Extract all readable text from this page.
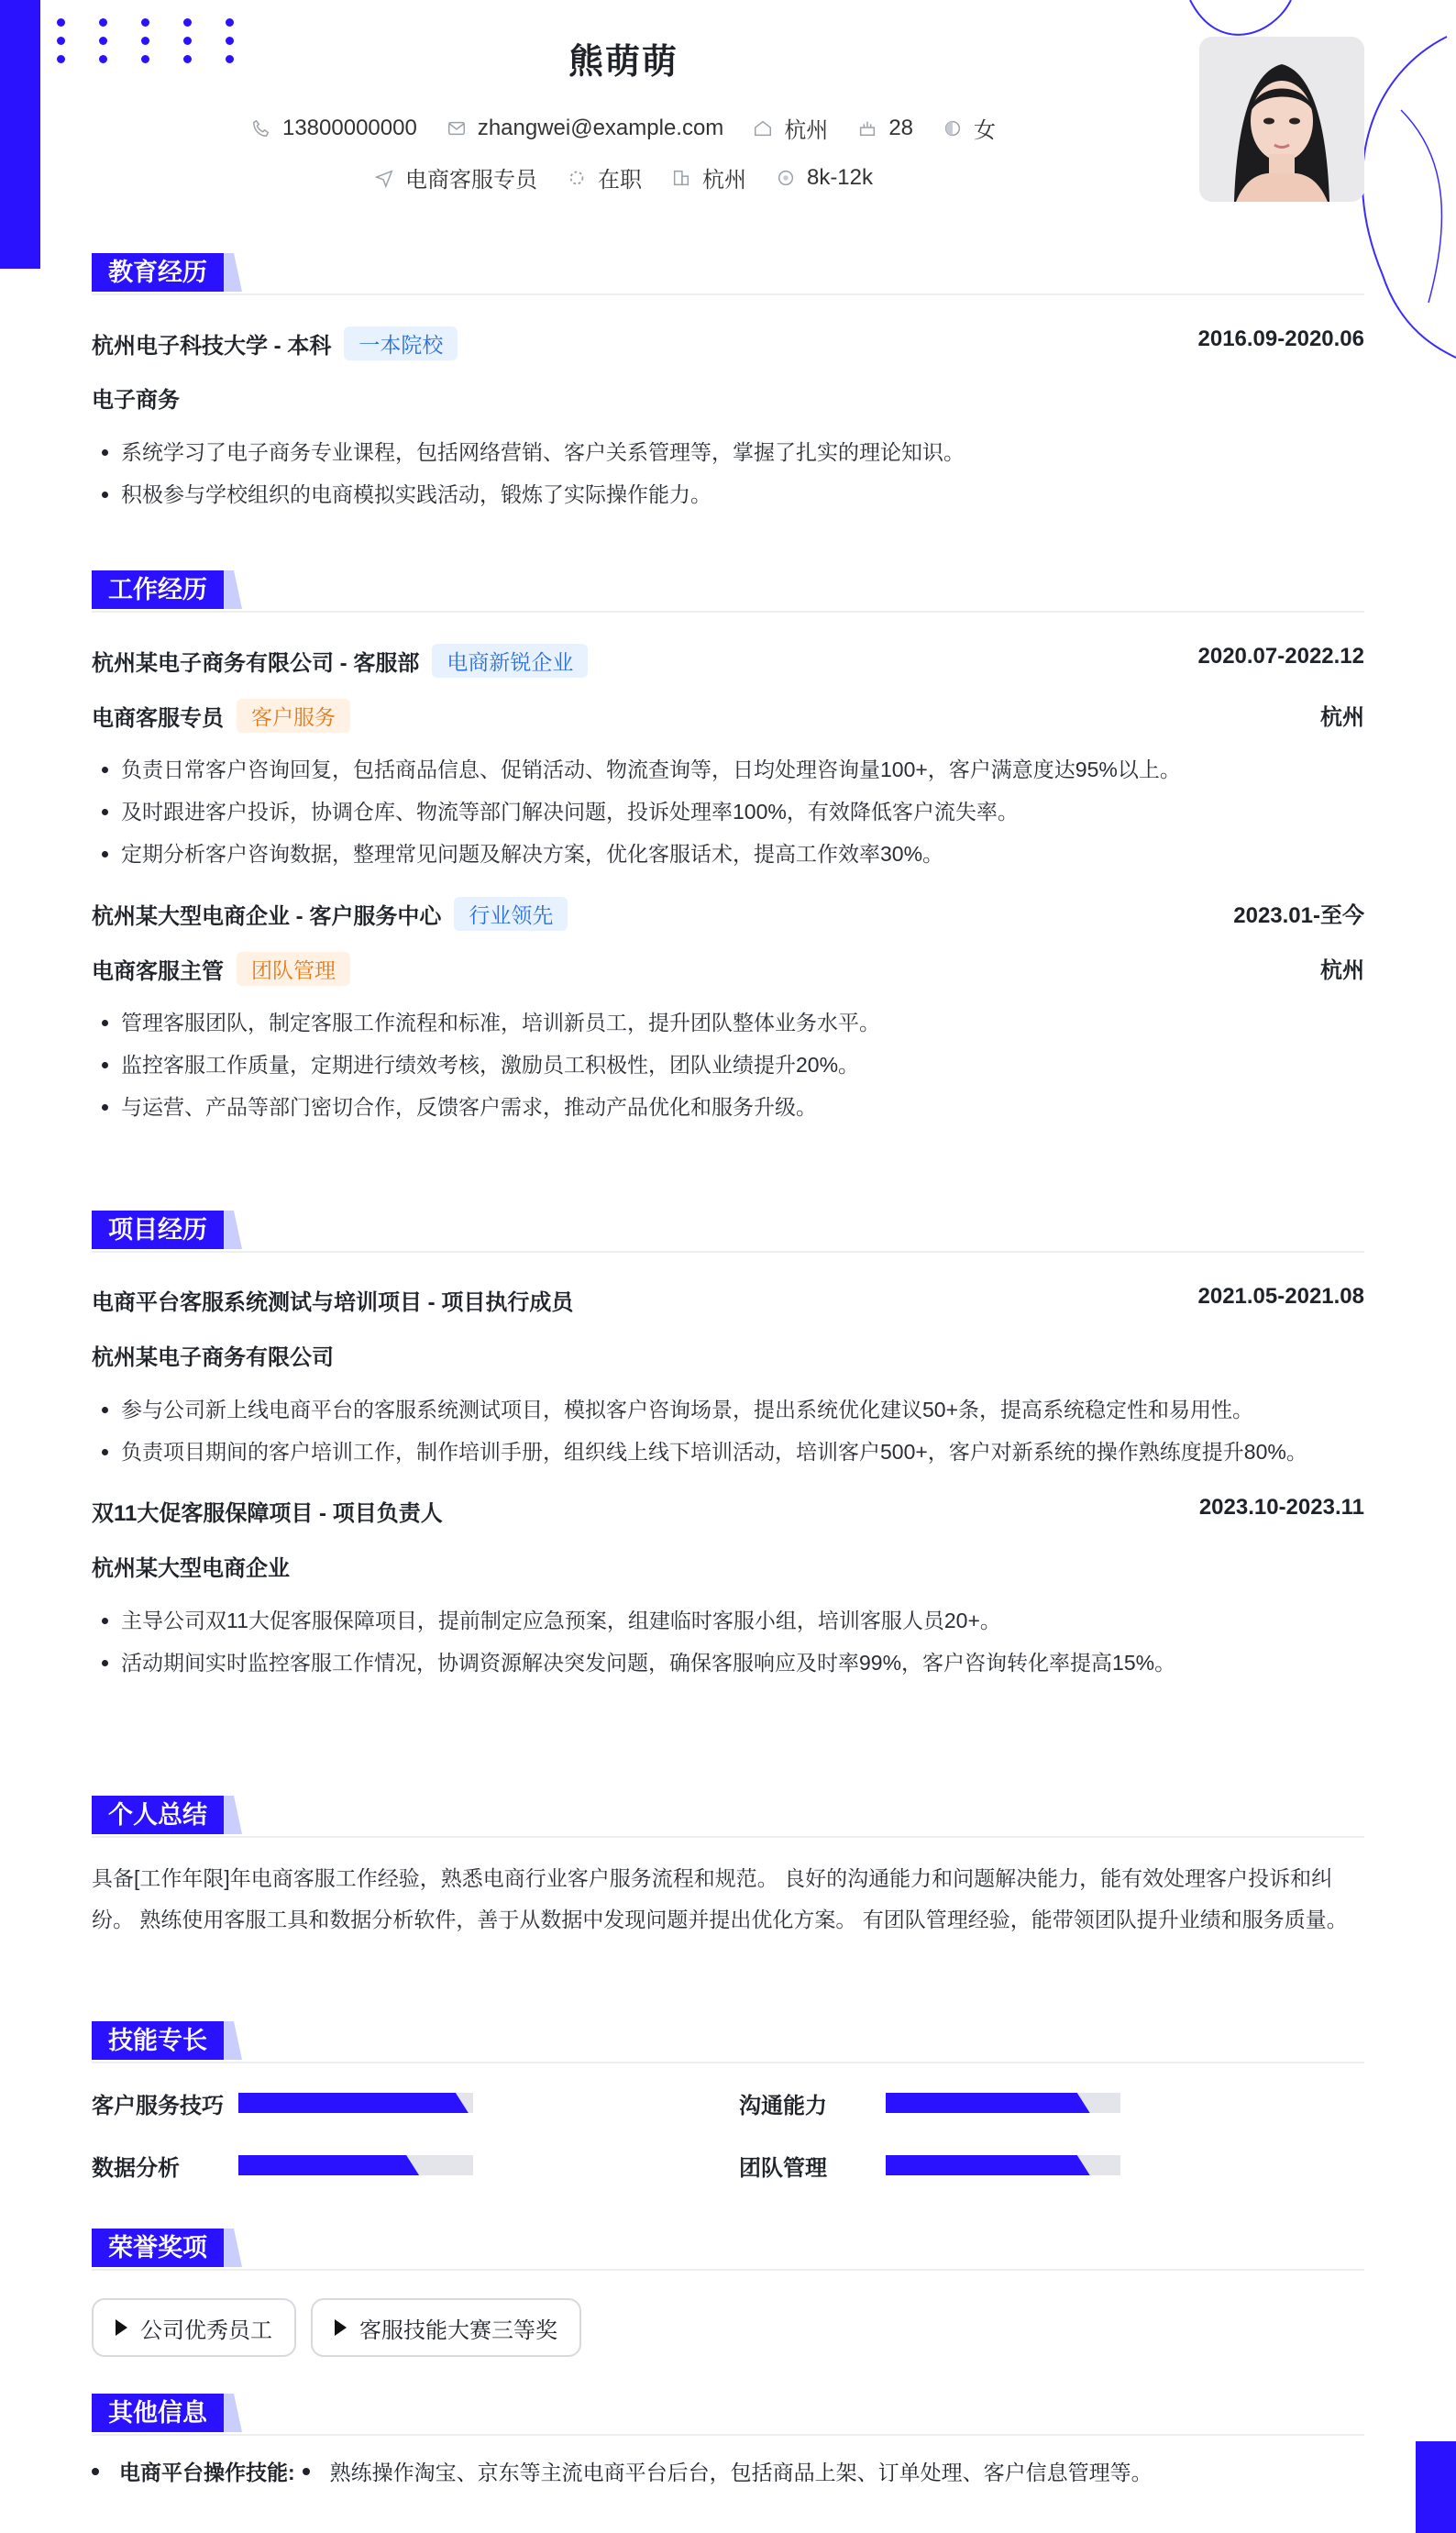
熊萌萌
13800000000	zhangwei@example.com	杭州	28	女
电商客服专员	在职	杭州	8k-12k
教育经历
杭州电子科技大学 - 本科	一本院校	2016.09-2020.06
电子商务
• 系统学习了电子商务专业课程，包括网络营销、客户关系管理等，掌握了扎实的理论知识。
• 积极参与学校组织的电商模拟实践活动，锻炼了实际操作能力。
工作经历
杭州某电子商务有限公司 - 客服部	电商新锐企业	2020.07-2022.12
电商客服专员	客户服务	杭州
• 负责日常客户咨询回复，包括商品信息、促销活动、物流查询等，日均处理咨询量100+，客户满意度达95%以上。
• 及时跟进客户投诉，协调仓库、物流等部门解决问题，投诉处理率100%，有效降低客户流失率。
• 定期分析客户咨询数据，整理常见问题及解决方案，优化客服话术，提高工作效率30%。
杭州某大型电商企业 - 客户服务中心	行业领先	2023.01-至今
电商客服主管	团队管理	杭州
• 管理客服团队，制定客服工作流程和标准，培训新员工，提升团队整体业务水平。
• 监控客服工作质量，定期进行绩效考核，激励员工积极性，团队业绩提升20%。
• 与运营、产品等部门密切合作，反馈客户需求，推动产品优化和服务升级。
项目经历
电商平台客服系统测试与培训项目 - 项目执行成员	2021.05-2021.08
杭州某电子商务有限公司
• 参与公司新上线电商平台的客服系统测试项目，模拟客户咨询场景，提出系统优化建议50+条，提高系统稳定性和易用性。
• 负责项目期间的客户培训工作，制作培训手册，组织线上线下培训活动，培训客户500+，客户对新系统的操作熟练度提升80%。
双11大促客服保障项目 - 项目负责人	2023.10-2023.11
杭州某大型电商企业
• 主导公司双11大促客服保障项目，提前制定应急预案，组建临时客服小组，培训客服人员20+。
• 活动期间实时监控客服工作情况，协调资源解决突发问题，确保客服响应及时率99%，客户咨询转化率提高15%。
个人总结
具备[工作年限]年电商客服工作经验，熟悉电商行业客户服务流程和规范。 良好的沟通能力和问题解决能力，能有效处理客户投诉和纠纷。 熟练使用客服工具和数据分析软件，善于从数据中发现问题并提出优化方案。 有团队管理经验，能带领团队提升业绩和服务质量。
技能专长
客户服务技巧	沟通能力
数据分析	团队管理
荣誉奖项
公司优秀员工	客服技能大赛三等奖
其他信息
电商平台操作技能: 熟练操作淘宝、京东等主流电商平台后台，包括商品上架、订单处理、客户信息管理等。
